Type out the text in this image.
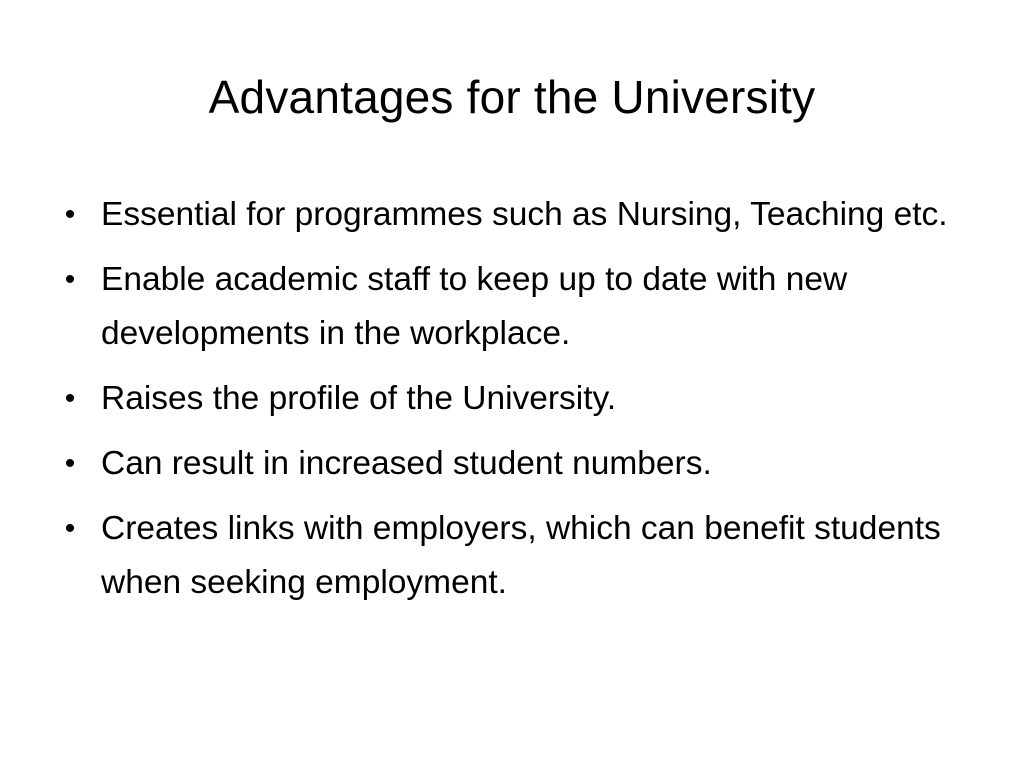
Advantages for the University
• Essential for programmes such as Nursing, Teaching etc.
• Enable academic staff to keep up to date with new developments in the workplace.
• Raises the profile of the University.
• Can result in increased student numbers.
• Creates links with employers, which can benefit students when seeking employment.
